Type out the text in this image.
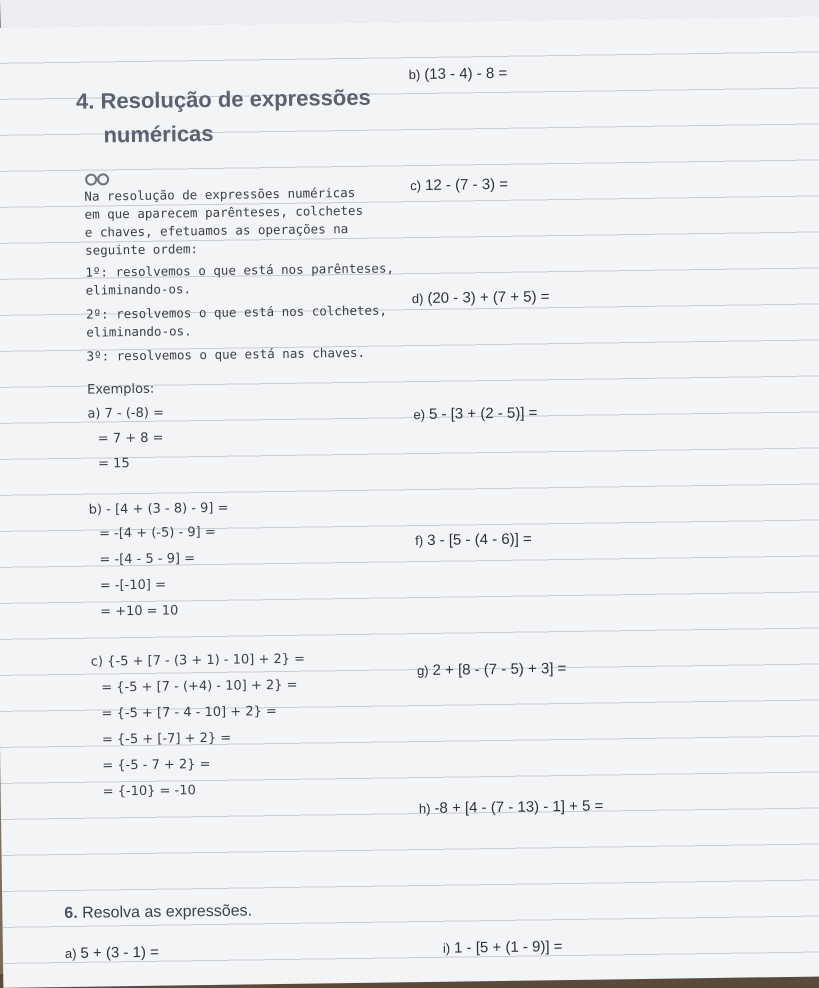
4. Resolução de expressões
numéricas
Na resolução de expressões numéricas
em que aparecem parênteses, colchetes
e chaves, efetuamos as operações na
seguinte ordem:
1º: resolvemos o que está nos parênteses,
eliminando-os.
2º: resolvemos o que está nos colchetes,
eliminando-os.
3º: resolvemos o que está nas chaves.
Exemplos:
a) 7 - (-8) =
= 7 + 8 =
= 15
b) - [4 + (3 - 8) - 9] =
= -[4 + (-5) - 9] =
= -[4 - 5 - 9] =
= -[-10] =
= +10 = 10
c) {-5 + [7 - (3 + 1) - 10] + 2} =
= {-5 + [7 - (+4) - 10] + 2} =
= {-5 + [7 - 4 - 10] + 2} =
= {-5 + [-7] + 2} =
= {-5 - 7 + 2} =
= {-10} = -10
b) (13 - 4) - 8 =
c) 12 - (7 - 3) =
d) (20 - 3) + (7 + 5) =
e) 5 - [3 + (2 - 5)] =
f) 3 - [5 - (4 - 6)] =
g) 2 + [8 - (7 - 5) + 3] =
h) -8 + [4 - (7 - 13) - 1] + 5 =
6. Resolva as expressões.
a) 5 + (3 - 1) =	i) 1 - [5 + (1 - 9)] =
